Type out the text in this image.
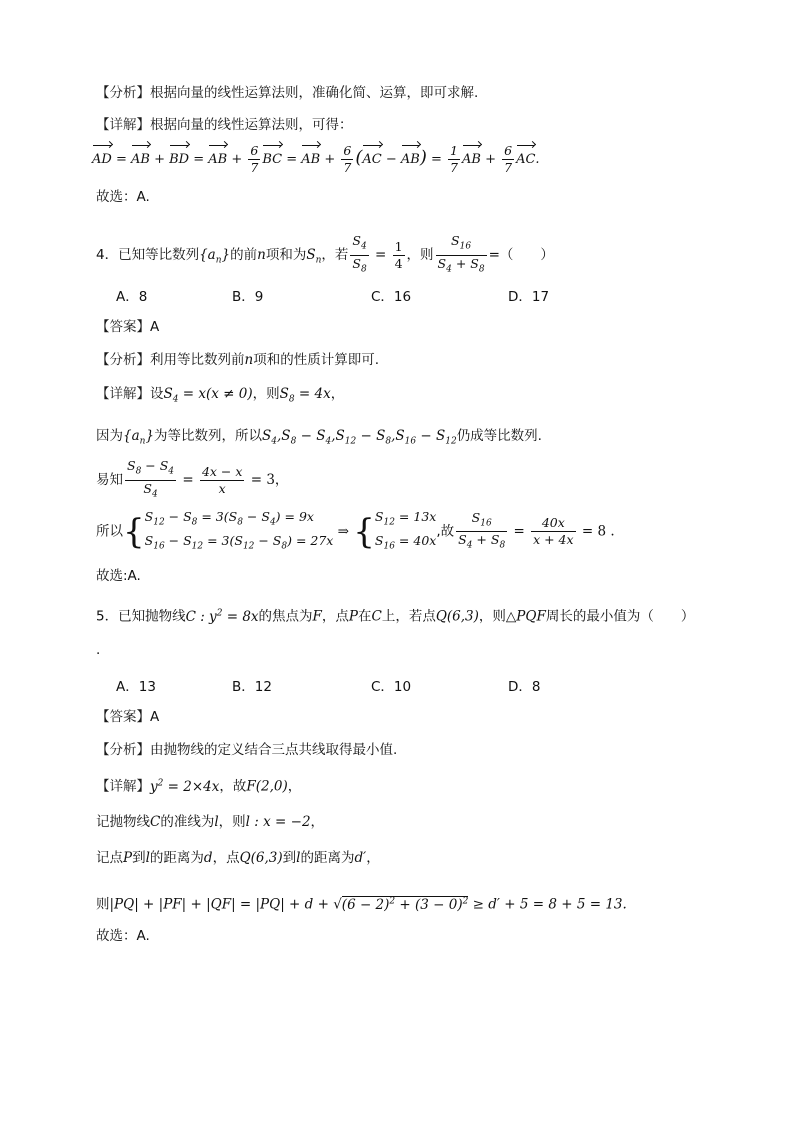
【分析】根据向量的线性运算法则，准确化简、运算，即可求解.
【详解】根据向量的线性运算法则，可得：
AD = AB + BD = AB + $\frac{6}{7}$ BC = AB + $\frac{6}{7} (AC - AB) = \frac{1}{7}$ AB + $\frac{6}{7}$ AC.
故选：A.
4．已知等比数列$\{a_n\}$的前n项和为$S_n$，若 $\frac{S_4}{S_8} = \frac{1}{4}$ ，则 $\frac{S_{16}}{S_4 + S_8}$ =（　　）
A．8	B．9	C．16	D．17
【答案】A
【分析】利用等比数列前n项和的性质计算即可.
【详解】设$S_4 = x(x \ne 0)$，则$S_8 = 4x$，
因为$\{a_n\}$为等比数列，所以$S_4,S_8 - S_4,S_{12} - S_8,S_{16} - S_{12}$仍成等比数列.
易知 $\frac{S_8 - S_4}{S_4} = \frac{4x - x}{x} = 3$，
所以{$S_{12} - S_8 = 3(S_8 - S_4) = 9x$
$S_{16} - S_{12} = 3(S_{12} - S_8) = 27x$ ⇒ {$S_{12} = 13x$
$S_{16} = 40x$,故 $\frac{S_{16}}{S_4 + S_8} = \frac{40x}{x + 4x} = 8$ .
故选:A.
5．已知抛物线C : $y^2 = 8x$的焦点为F，点P在C上，若点Q(6,3)，则△PQF周长的最小值为（　　）
.
A．13	B．12	C．10	D．8
【答案】A
【分析】由抛物线的定义结合三点共线取得最小值.
【详解】$y^2 = 2\times 4x$，故F(2,0)，
记抛物线C的准线为l，则l : x = −2，
记点P到l的距离为d，点Q(6,3)到l的距离为d′，
则$|PQ| + |PF| + |QF| = |PQ| + d + √(6 - 2)^2 + (3 - 0)^2 \ge d' + 5 = 8 + 5 = 13$.
故选：A.
